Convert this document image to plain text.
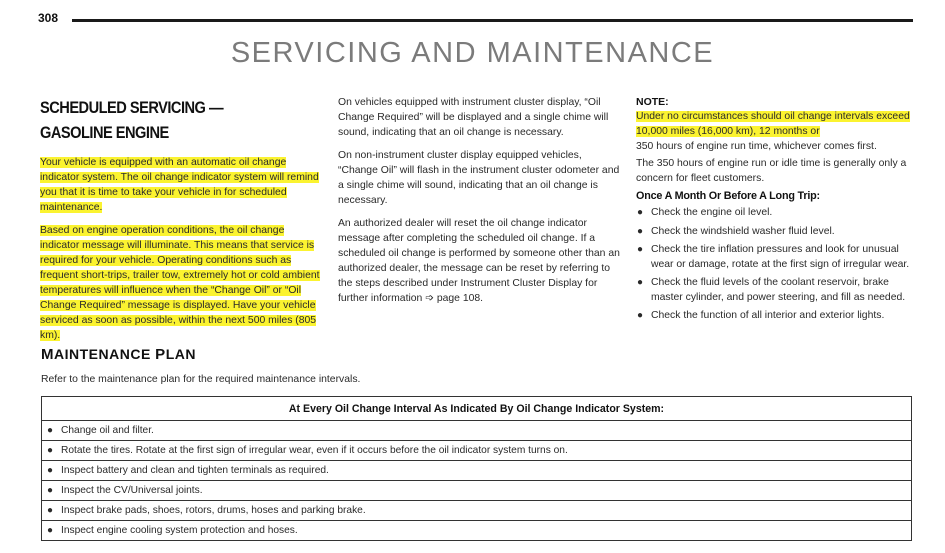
308
SERVICING AND MAINTENANCE
SCHEDULED SERVICING —
GASOLINE ENGINE

Your vehicle is equipped with an automatic oil change indicator system. The oil change indicator system will remind you that it is time to take your vehicle in for scheduled maintenance.

Based on engine operation conditions, the oil change indicator message will illuminate. This means that service is required for your vehicle. Operating conditions such as frequent short-trips, trailer tow, extremely hot or cold ambient temperatures will influence when the “Change Oil” or “Oil Change Required” message is displayed. Have your vehicle serviced as soon as possible, within the next 500 miles (805 km).

On vehicles equipped with instrument cluster display, “Oil Change Required” will be displayed and a single chime will sound, indicating that an oil change is necessary.

On non-instrument cluster display equipped vehicles, “Change Oil” will flash in the instrument cluster odometer and a single chime will sound, indicating that an oil change is necessary.

An authorized dealer will reset the oil change indicator message after completing the scheduled oil change. If a scheduled oil change is performed by someone other than an authorized dealer, the message can be reset by referring to the steps described under Instrument Cluster Display for further information ➩ page 108.

NOTE:

Under no circumstances should oil change intervals exceed 10,000 miles (16,000 km), 12 months or
350 hours of engine run time, whichever comes first.

The 350 hours of engine run or idle time is generally only a concern for fleet customers.

Once A Month Or Before A Long Trip:
● Check the engine oil level.
● Check the windshield washer fluid level.
● Check the tire inflation pressures and look for unusual wear or damage, rotate at the first sign of irregular wear.
● Check the fluid levels of the coolant reservoir, brake master cylinder, and power steering, and fill as needed.
● Check the function of all interior and exterior lights.
MAINTENANCE PLAN
Refer to the maintenance plan for the required maintenance intervals.
At Every Oil Change Interval As Indicated By Oil Change Indicator System:
● Change oil and filter.
● Rotate the tires. Rotate at the first sign of irregular wear, even if it occurs before the oil indicator system turns on.
● Inspect battery and clean and tighten terminals as required.
● Inspect the CV/Universal joints.
● Inspect brake pads, shoes, rotors, drums, hoses and parking brake.
● Inspect engine cooling system protection and hoses.
